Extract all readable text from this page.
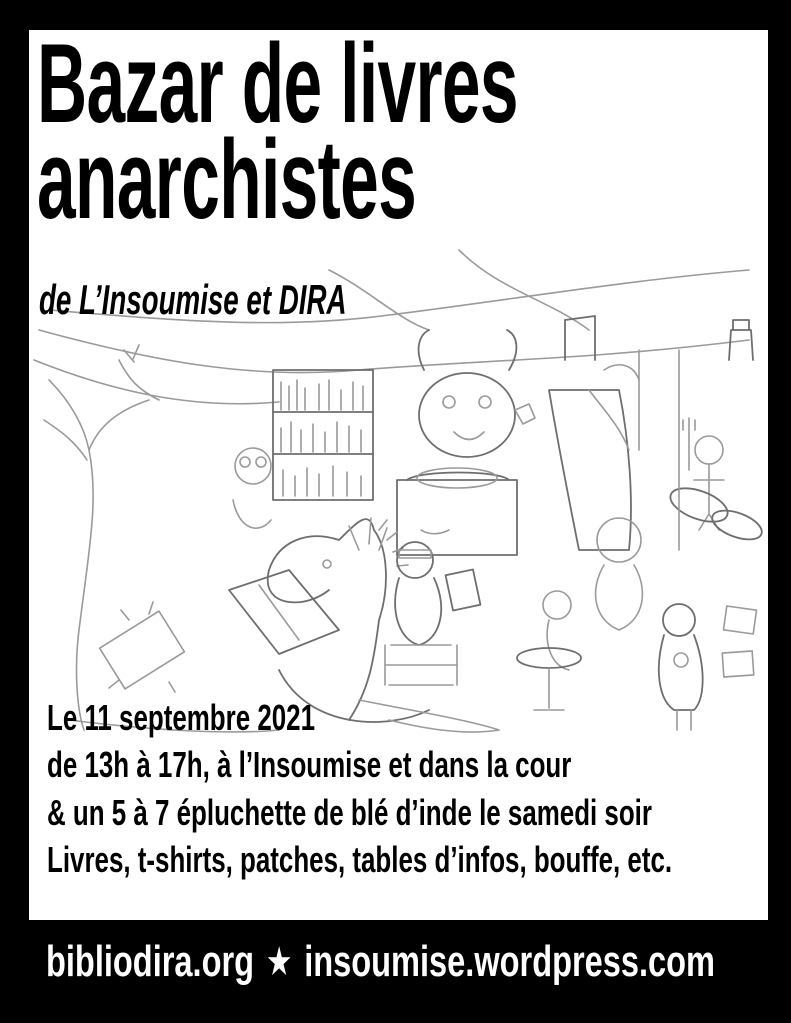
Bazar de livres
anarchistes

de L’Insoumise et DIRA

Le 11 septembre 2021
de 13h à 17h, à l’Insoumise et dans la cour
& un 5 à 7 épluchette de blé d’inde le samedi soir
Livres, t-shirts, patches, tables d’infos, bouffe, etc.
bibliodira.org ★ insoumise.wordpress.com
